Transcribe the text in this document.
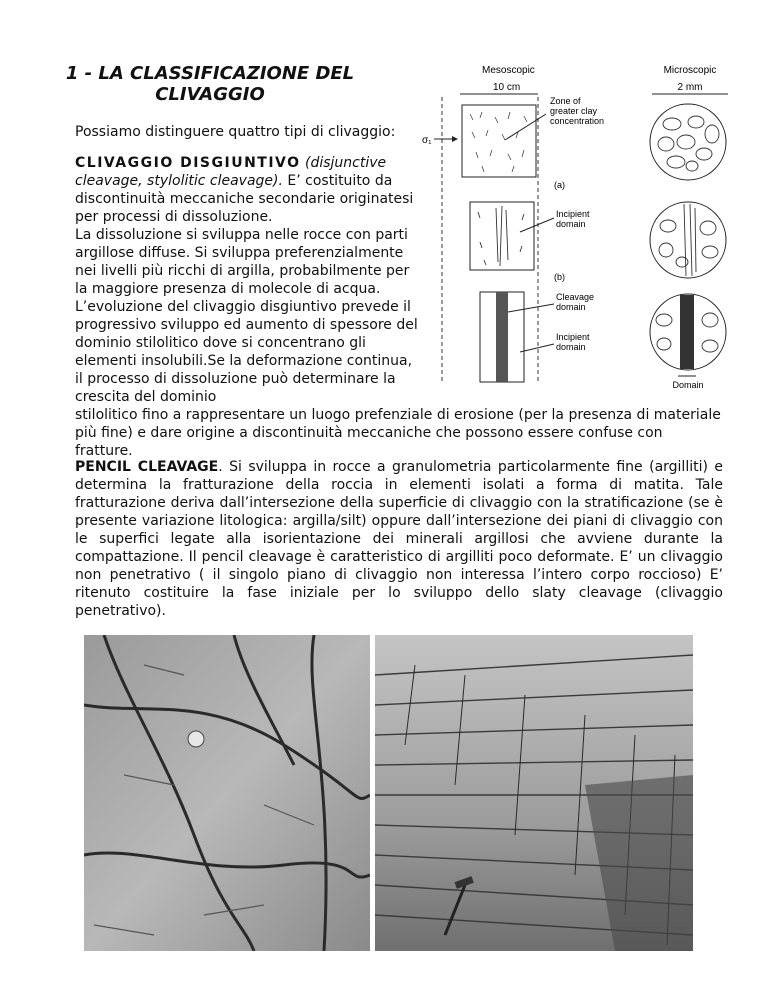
1 - LA CLASSIFICAZIONE DEL
CLIVAGGIO
Possiamo distinguere quattro tipi di clivaggio:
CLIVAGGIO DISGIUNTIVO (disjunctive cleavage, stylolitic cleavage). E’ costituito da discontinuità meccaniche secondarie originatesi per processi di dissoluzione.
La dissoluzione si sviluppa nelle rocce con parti argillose diffuse. Si sviluppa preferenzialmente nei livelli più ricchi di argilla, probabilmente per la maggiore presenza di molecole di acqua. L’evoluzione del clivaggio disgiuntivo prevede il progressivo sviluppo ed aumento di spessore del dominio stilolitico dove si concentrano gli elementi insolubili.Se la deformazione continua, il processo di dissoluzione può determinare la crescita del dominio
stilolitico fino a rappresentare un luogo prefenziale di erosione (per la presenza di materiale più fine) e dare origine a discontinuità meccaniche che possono essere confuse con fratture.
PENCIL CLEAVAGE. Si sviluppa in rocce a granulometria particolarmente fine (argilliti) e determina la fratturazione della roccia in elementi isolati a forma di matita. Tale fratturazione deriva dall’intersezione della superficie di clivaggio con la stratificazione (se è presente variazione litologica: argilla/silt) oppure dall’intersezione dei piani di clivaggio con le superfici legate alla isorientazione dei minerali argillosi che avviene durante la compattazione. Il pencil cleavage è caratteristico di argilliti poco deformate. E’ un clivaggio non penetrativo ( il singolo piano di clivaggio non interessa l’intero corpo roccioso) E’ ritenuto costituire la fase iniziale per lo sviluppo dello slaty cleavage (clivaggio penetrativo).
Mesoscopic
10 cm
Microscopic
2 mm
σ₁
Zone of
greater clay
concentration
(a)
Incipient
domain
(b)
Cleavage
domain
Incipient
domain
Domain
